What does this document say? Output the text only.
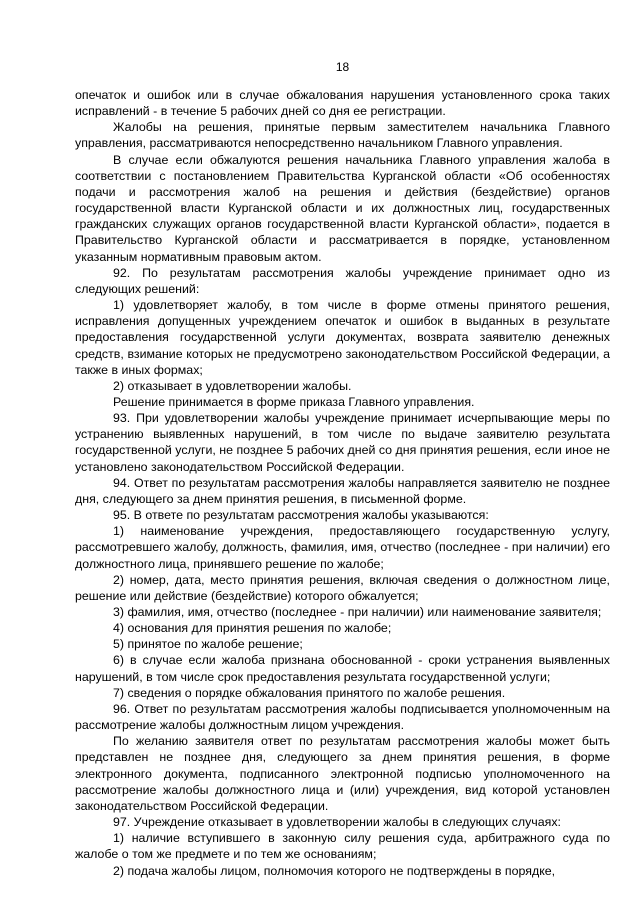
18

опечаток и ошибок или в случае обжалования нарушения установленного срока таких исправлений - в течение 5 рабочих дней со дня ее регистрации.

Жалобы на решения, принятые первым заместителем начальника Главного управления, рассматриваются непосредственно начальником Главного управления.

В случае если обжалуются решения начальника Главного управления жалоба в соответствии с постановлением Правительства Курганской области «Об особенностях подачи и рассмотрения жалоб на решения и действия (бездействие) органов государственной власти Курганской области и их должностных лиц, государственных гражданских служащих органов государственной власти Курганской области», подается в Правительство Курганской области и рассматривается в порядке, установленном указанным нормативным правовым актом.

92. По результатам рассмотрения жалобы учреждение принимает одно из следующих решений:

1) удовлетворяет жалобу, в том числе в форме отмены принятого решения, исправления допущенных учреждением опечаток и ошибок в выданных в результате предоставления государственной услуги документах, возврата заявителю денежных средств, взимание которых не предусмотрено законодательством Российской Федерации, а также в иных формах;

2) отказывает в удовлетворении жалобы.

Решение принимается в форме приказа Главного управления.

93. При удовлетворении жалобы учреждение принимает исчерпывающие меры по устранению выявленных нарушений, в том числе по выдаче заявителю результата государственной услуги, не позднее 5 рабочих дней со дня принятия решения, если иное не установлено законодательством Российской Федерации.

94. Ответ по результатам рассмотрения жалобы направляется заявителю не позднее дня, следующего за днем принятия решения, в письменной форме.

95. В ответе по результатам рассмотрения жалобы указываются:

1) наименование учреждения, предоставляющего государственную услугу, рассмотревшего жалобу, должность, фамилия, имя, отчество (последнее - при наличии) его должностного лица, принявшего решение по жалобе;

2) номер, дата, место принятия решения, включая сведения о должностном лице, решение или действие (бездействие) которого обжалуется;

3) фамилия, имя, отчество (последнее - при наличии) или наименование заявителя;

4) основания для принятия решения по жалобе;

5) принятое по жалобе решение;

6) в случае если жалоба признана обоснованной - сроки устранения выявленных нарушений, в том числе срок предоставления результата государственной услуги;

7) сведения о порядке обжалования принятого по жалобе решения.

96. Ответ по результатам рассмотрения жалобы подписывается уполномоченным на рассмотрение жалобы должностным лицом учреждения.

По желанию заявителя ответ по результатам рассмотрения жалобы может быть представлен не позднее дня, следующего за днем принятия решения, в форме электронного документа, подписанного электронной подписью уполномоченного на рассмотрение жалобы должностного лица и (или) учреждения, вид которой установлен законодательством Российской Федерации.

97. Учреждение отказывает в удовлетворении жалобы в следующих случаях:

1) наличие вступившего в законную силу решения суда, арбитражного суда по жалобе о том же предмете и по тем же основаниям;

2) подача жалобы лицом, полномочия которого не подтверждены в порядке,
